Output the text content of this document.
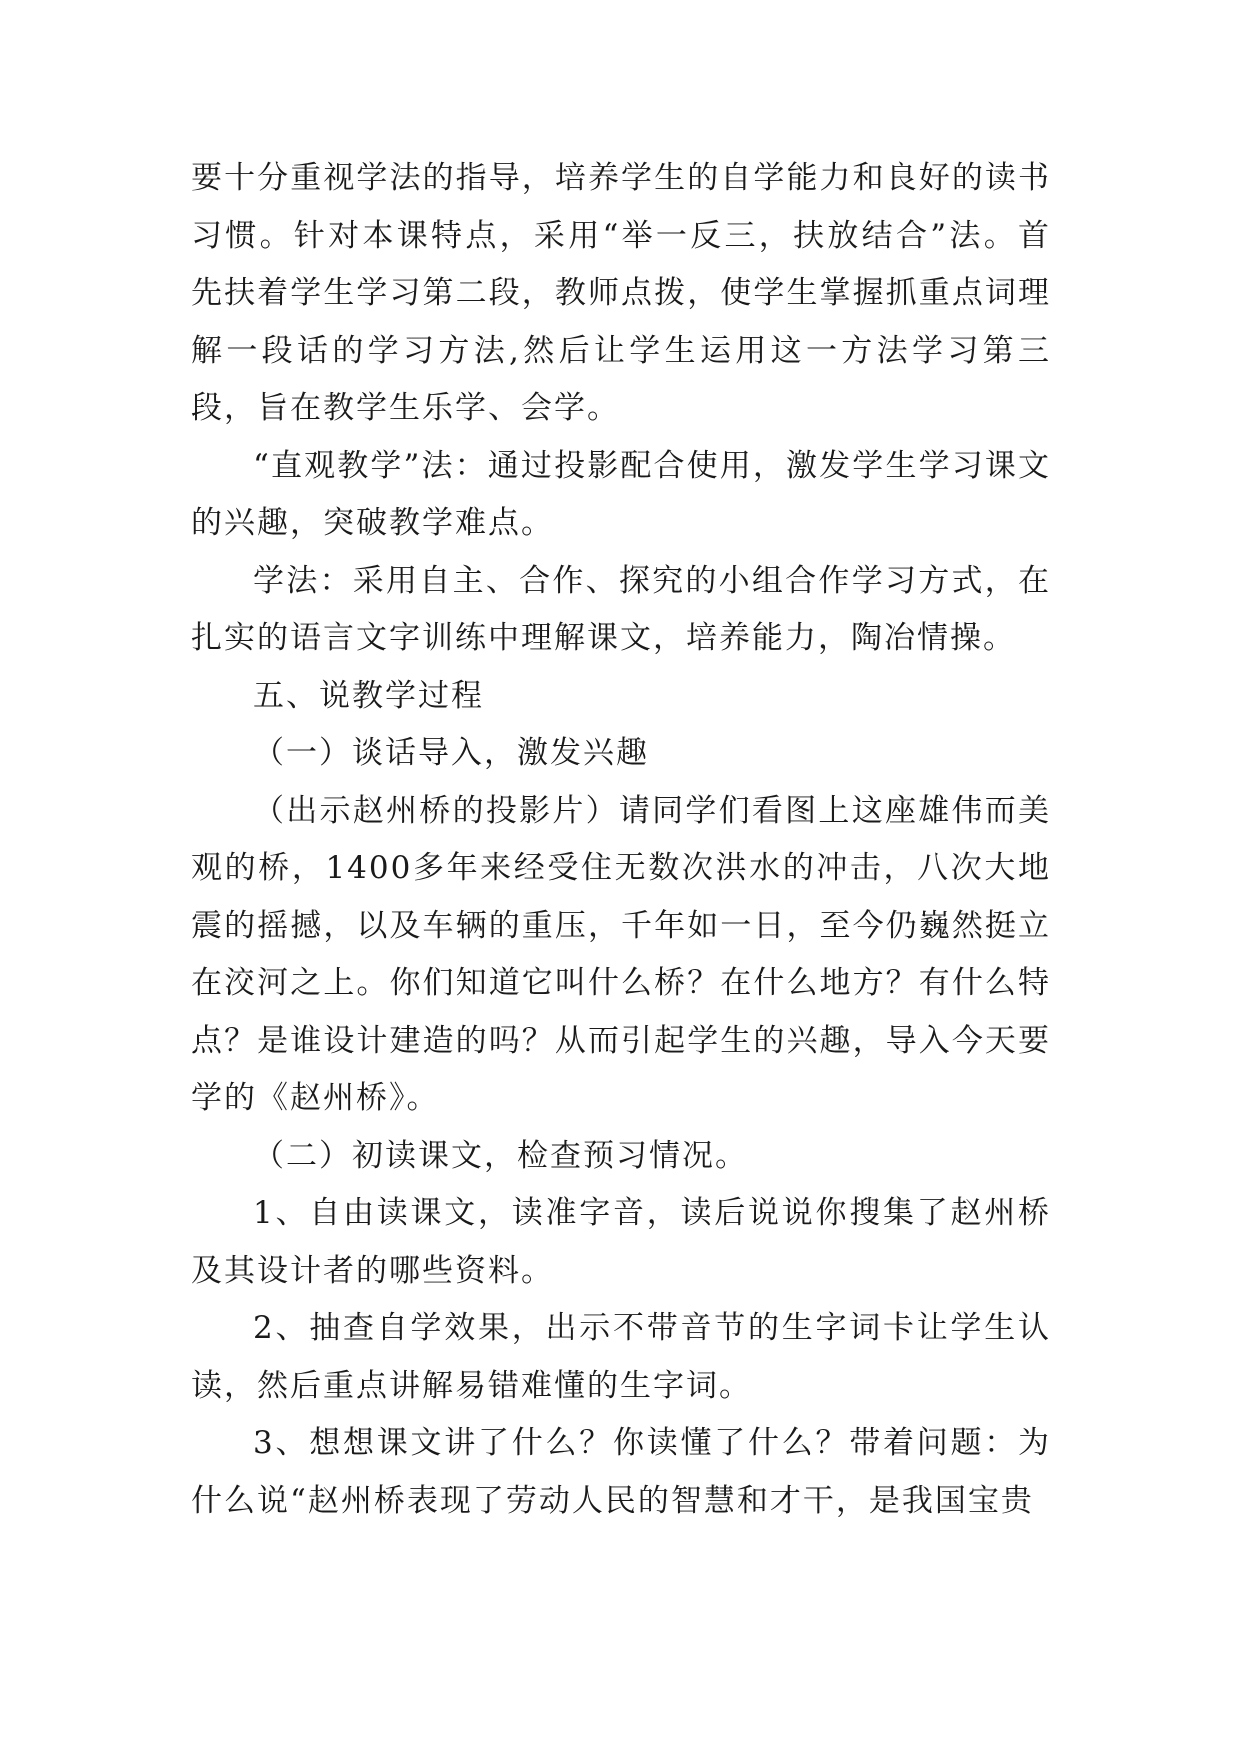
要十分重视学法的指导，培养学生的自学能力和良好的读书习惯。针对本课特点，采用“举一反三，扶放结合”法。首先扶着学生学习第二段，教师点拨，使学生掌握抓重点词理解一段话的学习方法,然后让学生运用这一方法学习第三段，旨在教学生乐学、会学。

“直观教学”法：通过投影配合使用，激发学生学习课文的兴趣，突破教学难点。

学法：采用自主、合作、探究的小组合作学习方式，在扎实的语言文字训练中理解课文，培养能力，陶冶情操。

五、说教学过程

（一）谈话导入，激发兴趣

（出示赵州桥的投影片）请同学们看图上这座雄伟而美观的桥，1400多年来经受住无数次洪水的冲击，八次大地震的摇撼，以及车辆的重压，千年如一日，至今仍巍然挺立在洨河之上。你们知道它叫什么桥？在什么地方？有什么特点？是谁设计建造的吗？从而引起学生的兴趣，导入今天要学的《赵州桥》。

（二）初读课文，检查预习情况。

1、自由读课文，读准字音，读后说说你搜集了赵州桥及其设计者的哪些资料。

2、抽查自学效果，出示不带音节的生字词卡让学生认读，然后重点讲解易错难懂的生字词。

3、想想课文讲了什么？你读懂了什么？带着问题：为什么说“赵州桥表现了劳动人民的智慧和才干，是我国宝贵
